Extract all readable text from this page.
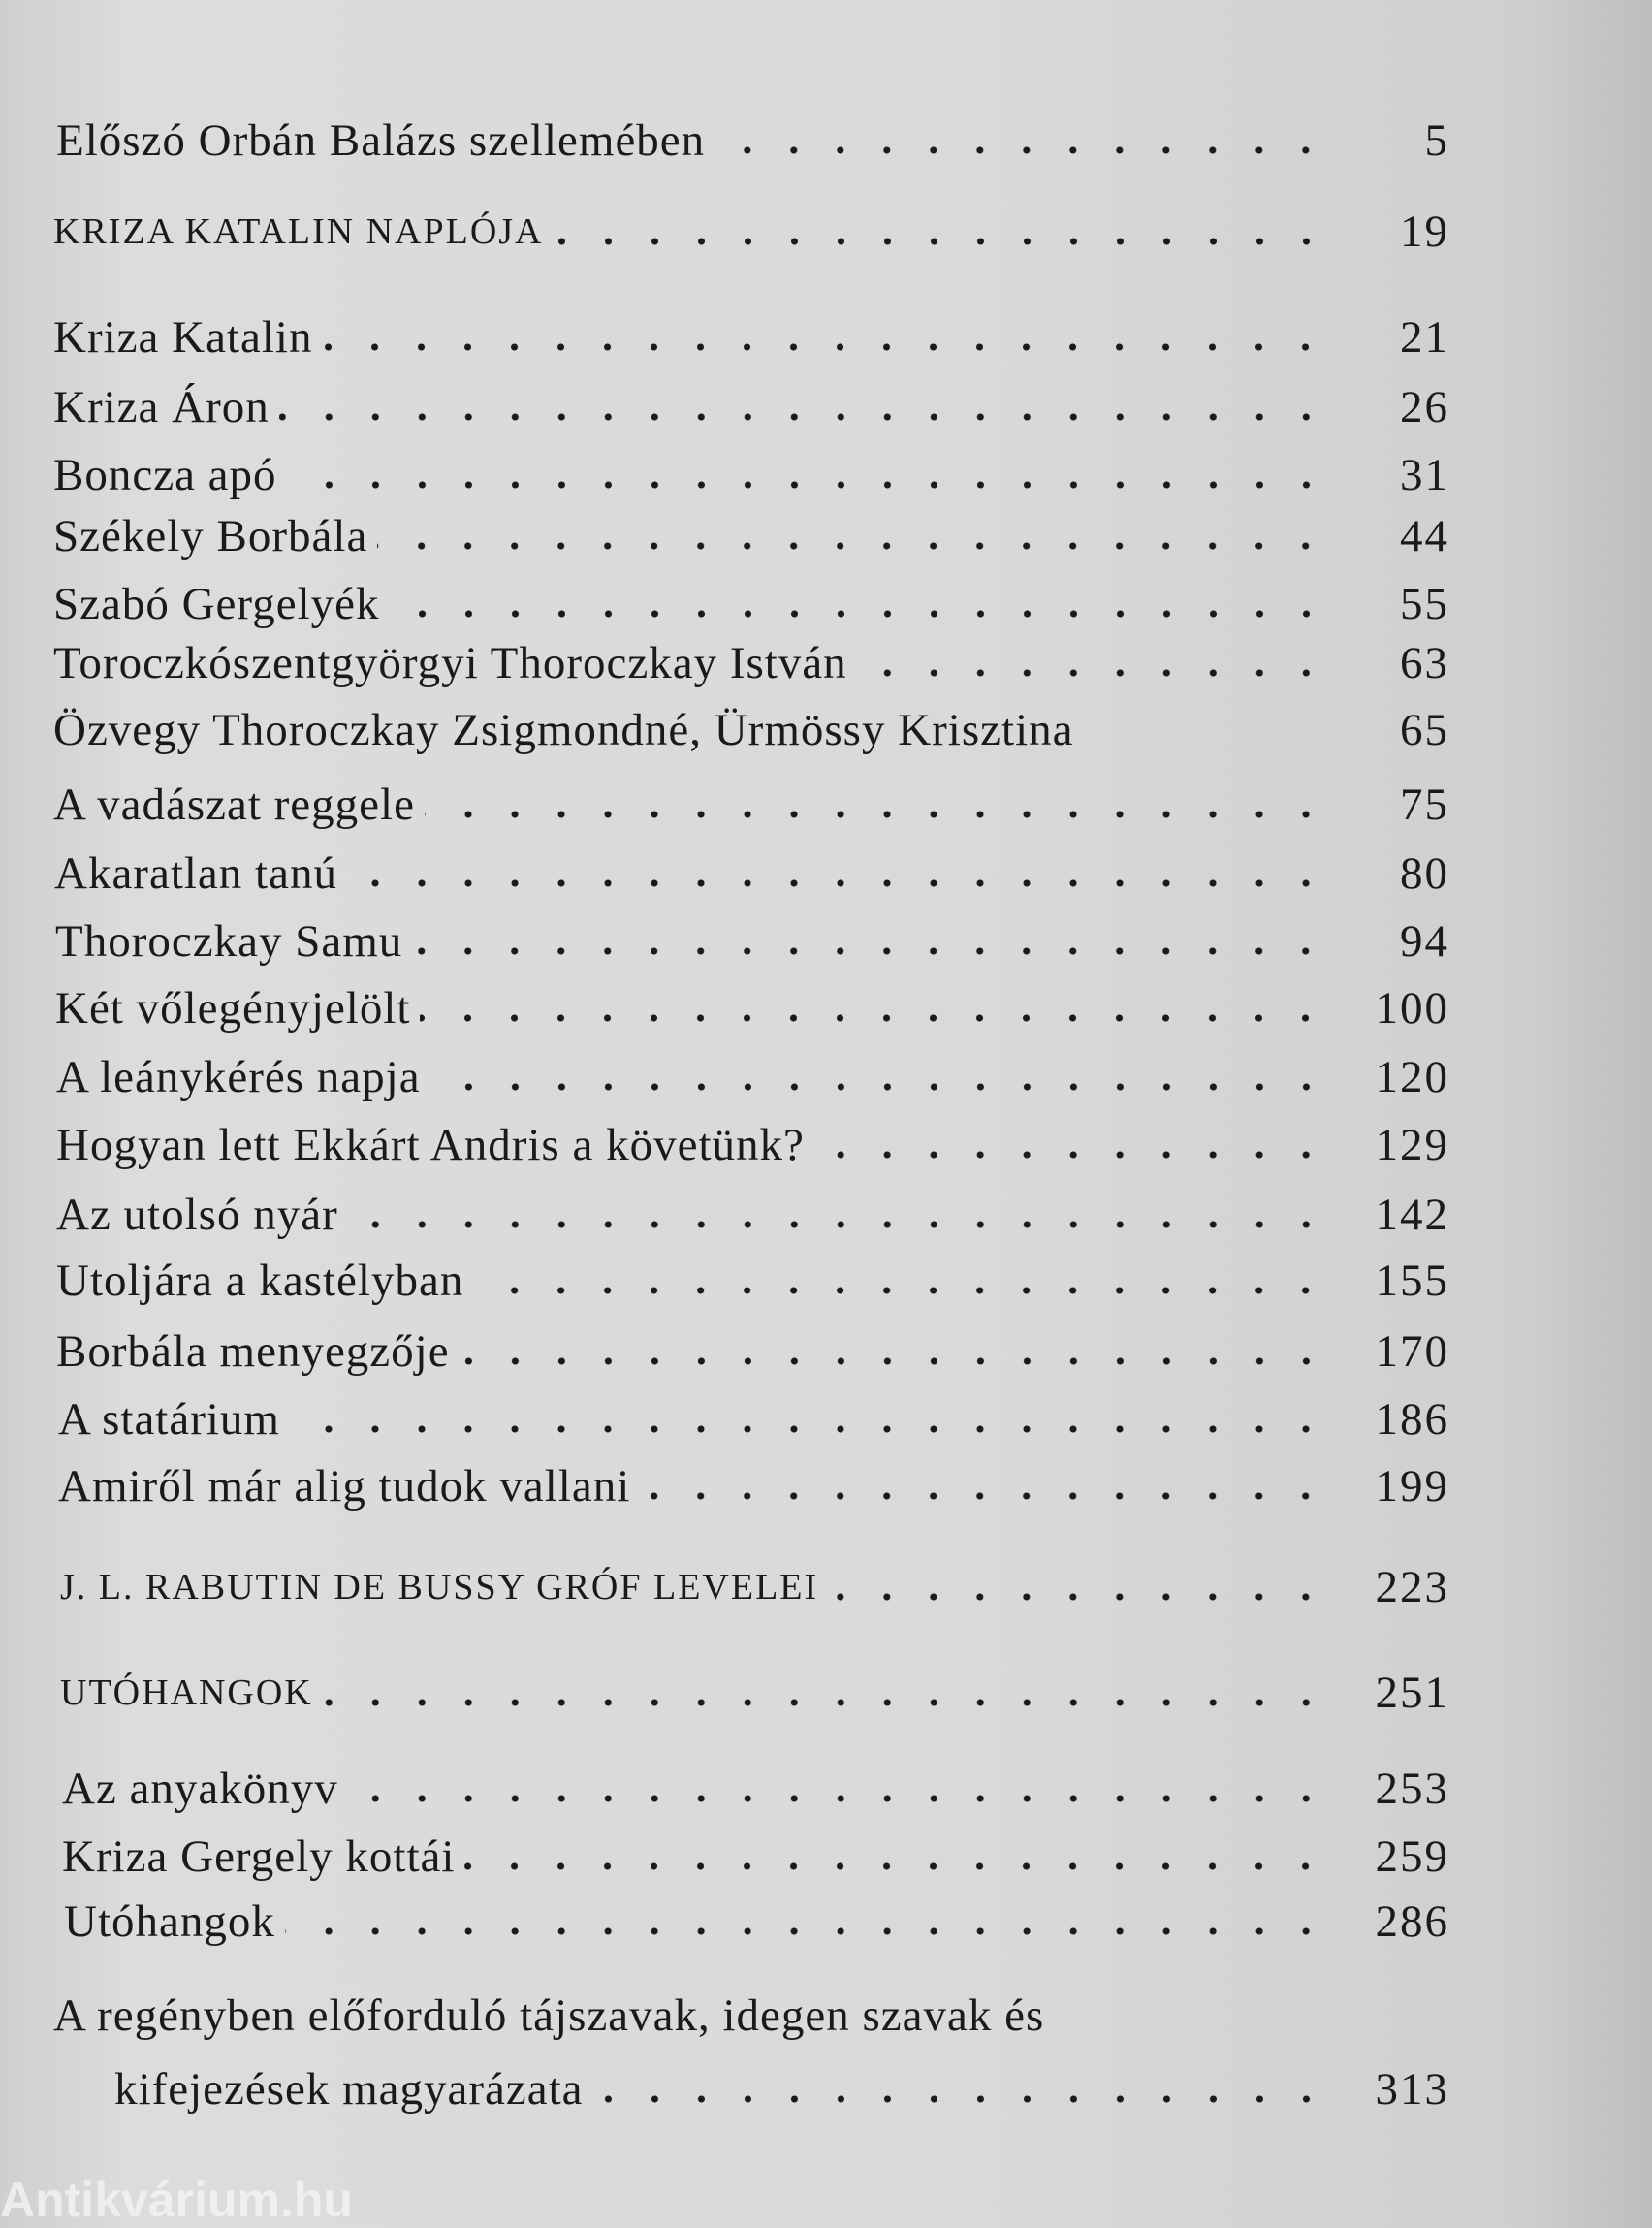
Előszó Orbán Balázs szellemében	5
KRIZA KATALIN NAPLÓJA	19
Kriza Katalin	21
Kriza Áron	26
Boncza apó	31
Székely Borbála	44
Szabó Gergelyék	55
Toroczkószentgyörgyi Thoroczkay István	63
Özvegy Thoroczkay Zsigmondné, Ürmössy Krisztina	65
A vadászat reggele	75
Akaratlan tanú	80
Thoroczkay Samu	94
Két vőlegényjelölt	100
A leánykérés napja	120
Hogyan lett Ekkárt Andris a követünk?	129
Az utolsó nyár	142
Utoljára a kastélyban	155
Borbála menyegzője	170
A statárium	186
Amiről már alig tudok vallani	199
J. L. RABUTIN DE BUSSY GRÓF LEVELEI	223
UTÓHANGOK	251
Az anyakönyv	253
Kriza Gergely kottái	259
Utóhangok	286
A regényben előforduló tájszavak, idegen szavak és
kifejezések magyarázata	313
Antikvárium.hu
